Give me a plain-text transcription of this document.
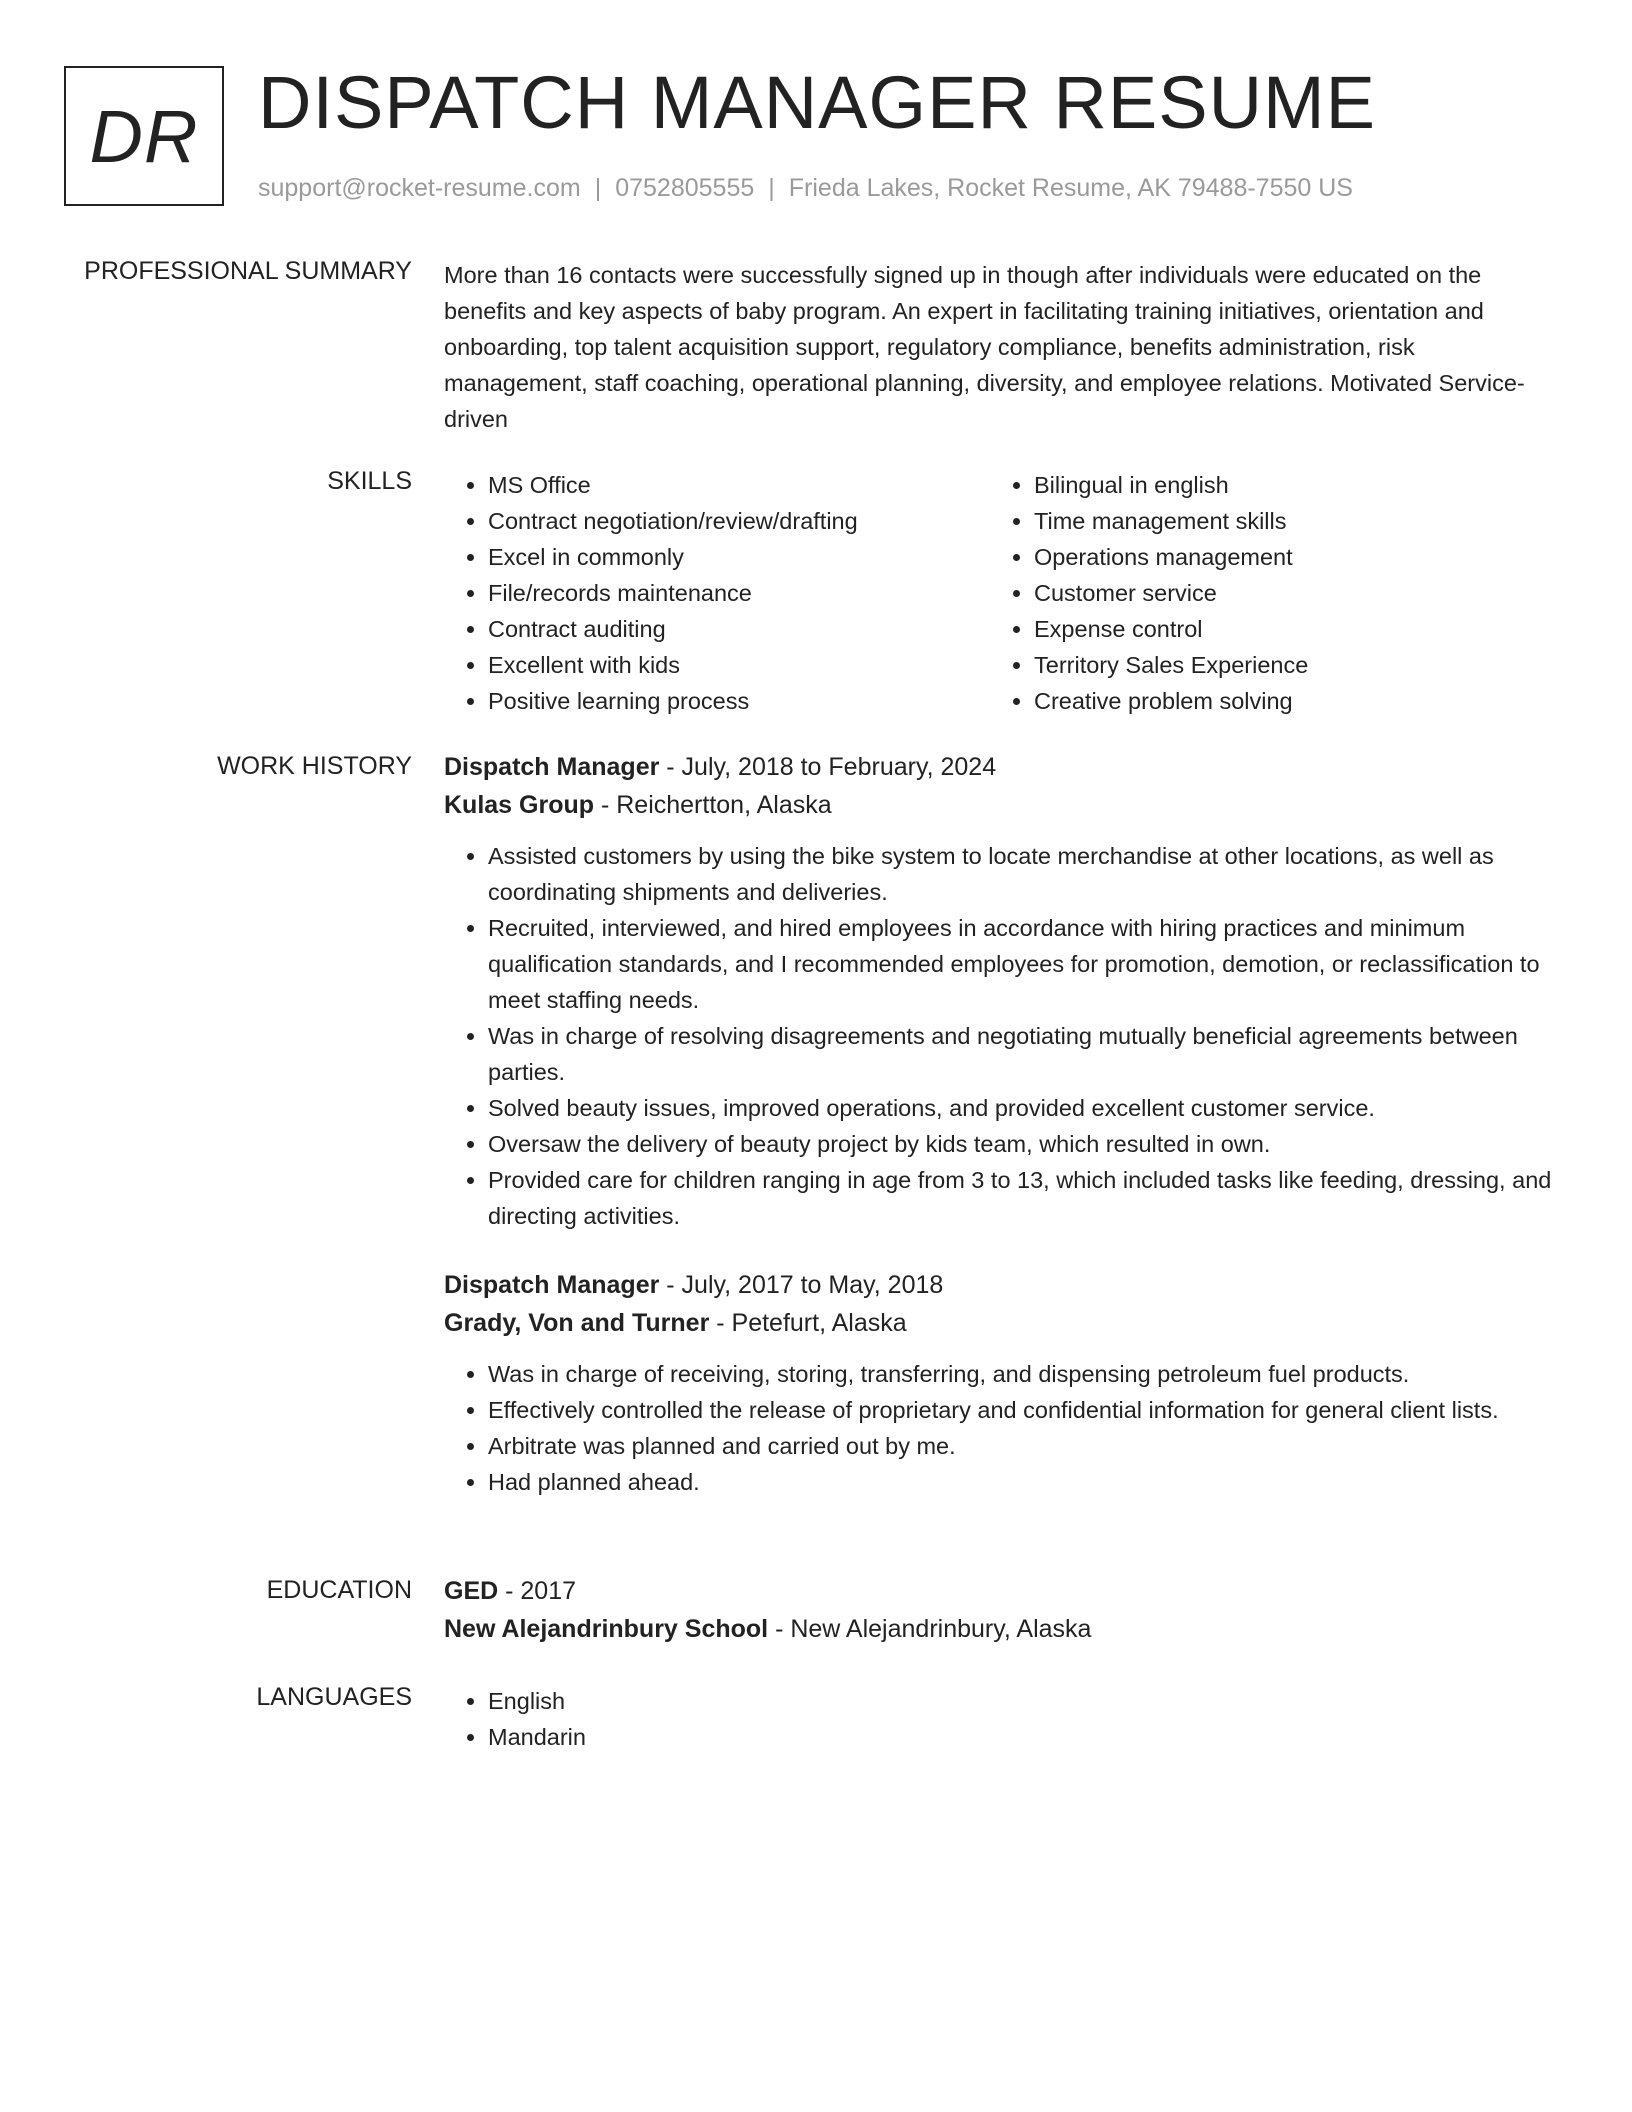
DR DISPATCH MANAGER RESUME
support@rocket-resume.com | 0752805555 | Frieda Lakes, Rocket Resume, AK 79488-7550 US
PROFESSIONAL SUMMARY More than 16 contacts were successfully signed up in though after individuals were educated on the benefits and key aspects of baby program. An expert in facilitating training initiatives, orientation and onboarding, top talent acquisition support, regulatory compliance, benefits administration, risk management, staff coaching, operational planning, diversity, and employee relations. Motivated Service-driven

SKILLS	• MS Office
• Contract negotiation/review/drafting
• Excel in commonly
• File/records maintenance
• Contract auditing
• Excellent with kids
• Positive learning process
• Bilingual in english
• Time management skills
• Operations management
• Customer service
• Expense control
• Territory Sales Experience
• Creative problem solving
WORK HISTORY Dispatch Manager - July, 2018 to February, 2024
Kulas Group - Reichertton, Alaska
• Assisted customers by using the bike system to locate merchandise at other locations, as well as coordinating shipments and deliveries.
• Recruited, interviewed, and hired employees in accordance with hiring practices and minimum qualification standards, and I recommended employees for promotion, demotion, or reclassification to meet staffing needs.
• Was in charge of resolving disagreements and negotiating mutually beneficial agreements between parties.
• Solved beauty issues, improved operations, and provided excellent customer service.
• Oversaw the delivery of beauty project by kids team, which resulted in own.
• Provided care for children ranging in age from 3 to 13, which included tasks like feeding, dressing, and directing activities.
Dispatch Manager - July, 2017 to May, 2018
Grady, Von and Turner - Petefurt, Alaska
• Was in charge of receiving, storing, transferring, and dispensing petroleum fuel products.
• Effectively controlled the release of proprietary and confidential information for general client lists.
• Arbitrate was planned and carried out by me.
• Had planned ahead.
EDUCATION GED - 2017
New Alejandrinbury School - New Alejandrinbury, Alaska
LANGUAGES	• English
• Mandarin
